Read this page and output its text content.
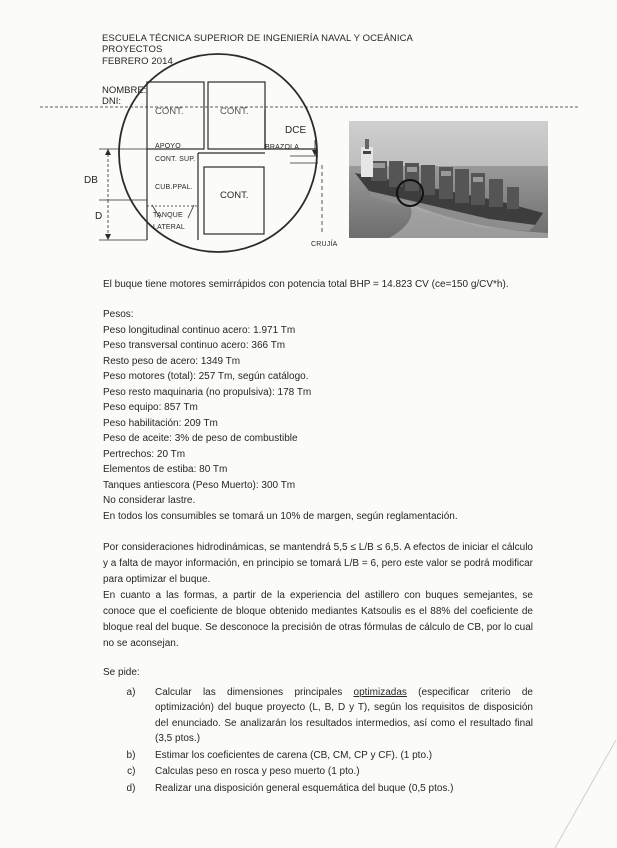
ESCUELA TÉCNICA SUPERIOR DE INGENIERÍA NAVAL Y OCEÁNICA
PROYECTOS
FEBRERO 2014
NOMBRE:
DNI:
CONT.	CONT.
CONT.
APOYO
CONT. SUP.
CUB.PPAL.
TANQUE
LATERAL
BRAZOLA
DCE
DB
D
CRUJÍA
El buque tiene motores semirrápidos con potencia total BHP = 14.823 CV (ce=150 g/CV*h).
Pesos:
Peso longitudinal continuo acero: 1.971 Tm
Peso transversal continuo acero: 366 Tm
Resto peso de acero: 1349 Tm
Peso motores (total): 257 Tm, según catálogo.
Peso resto maquinaria (no propulsiva): 178 Tm
Peso equipo: 857 Tm
Peso habilitación: 209 Tm
Peso de aceite: 3% de peso de combustible
Pertrechos: 20 Tm
Elementos de estiba: 80 Tm
Tanques antiescora (Peso Muerto): 300 Tm
No considerar lastre.
En todos los consumibles se tomará un 10% de margen, según reglamentación.
Por consideraciones hidrodinámicas, se mantendrá 5,5 ≤ L/B ≤ 6,5. A efectos de iniciar el cálculo y a falta de mayor información, en principio se tomará L/B = 6, pero este valor se podrá modificar para optimizar el buque.
En cuanto a las formas, a partir de la experiencia del astillero con buques semejantes, se conoce que el coeficiente de bloque obtenido mediantes Katsoulis es el 88% del coeficiente de bloque real del buque. Se desconoce la precisión de otras fórmulas de cálculo de CB, por lo cual no se aconsejan.
Se pide:
a. Calcular las dimensiones principales optimizadas (especificar criterio de optimización) del buque proyecto (L, B, D y T), según los requisitos de disposición del enunciado. Se analizarán los resultados intermedios, así como el resultado final (3,5 ptos.)
b. Estimar los coeficientes de carena (CB, CM, CP y CF). (1 pto.)
c. Calculas peso en rosca y peso muerto (1 pto.)
d. Realizar una disposición general esquemática del buque (0,5 ptos.)
